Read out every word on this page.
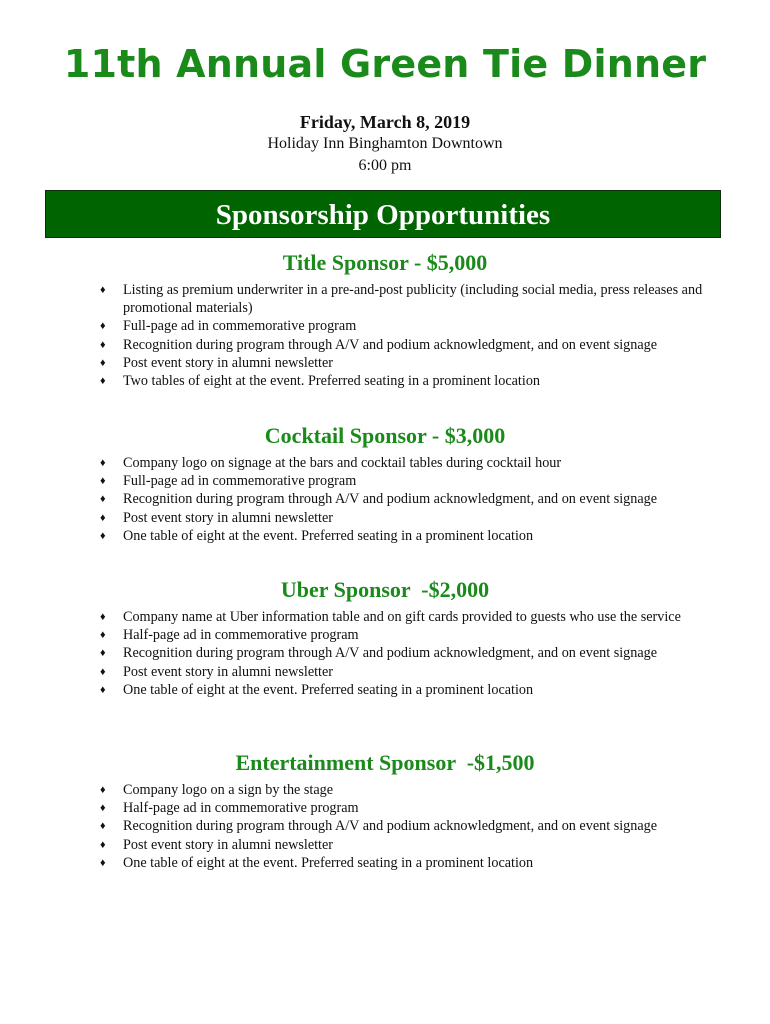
11th Annual Green Tie Dinner
Friday, March 8, 2019
Holiday Inn Binghamton Downtown
6:00 pm
Sponsorship Opportunities
Title Sponsor - $5,000
♦ Listing as premium underwriter in a pre-and-post publicity (including social media, press releases and promotional materials)
♦ Full-page ad in commemorative program
♦ Recognition during program through A/V and podium acknowledgment, and on event signage
♦ Post event story in alumni newsletter
♦ Two tables of eight at the event. Preferred seating in a prominent location
Cocktail Sponsor - $3,000
♦ Company logo on signage at the bars and cocktail tables during cocktail hour
♦ Full-page ad in commemorative program
♦ Recognition during program through A/V and podium acknowledgment, and on event signage
♦ Post event story in alumni newsletter
♦ One table of eight at the event. Preferred seating in a prominent location
Uber Sponsor  -$2,000
♦ Company name at Uber information table and on gift cards provided to guests who use the service
♦ Half-page ad in commemorative program
♦ Recognition during program through A/V and podium acknowledgment, and on event signage
♦ Post event story in alumni newsletter
♦ One table of eight at the event. Preferred seating in a prominent location
Entertainment Sponsor  -$1,500
♦ Company logo on a sign by the stage
♦ Half-page ad in commemorative program
♦ Recognition during program through A/V and podium acknowledgment, and on event signage
♦ Post event story in alumni newsletter
♦ One table of eight at the event. Preferred seating in a prominent location
